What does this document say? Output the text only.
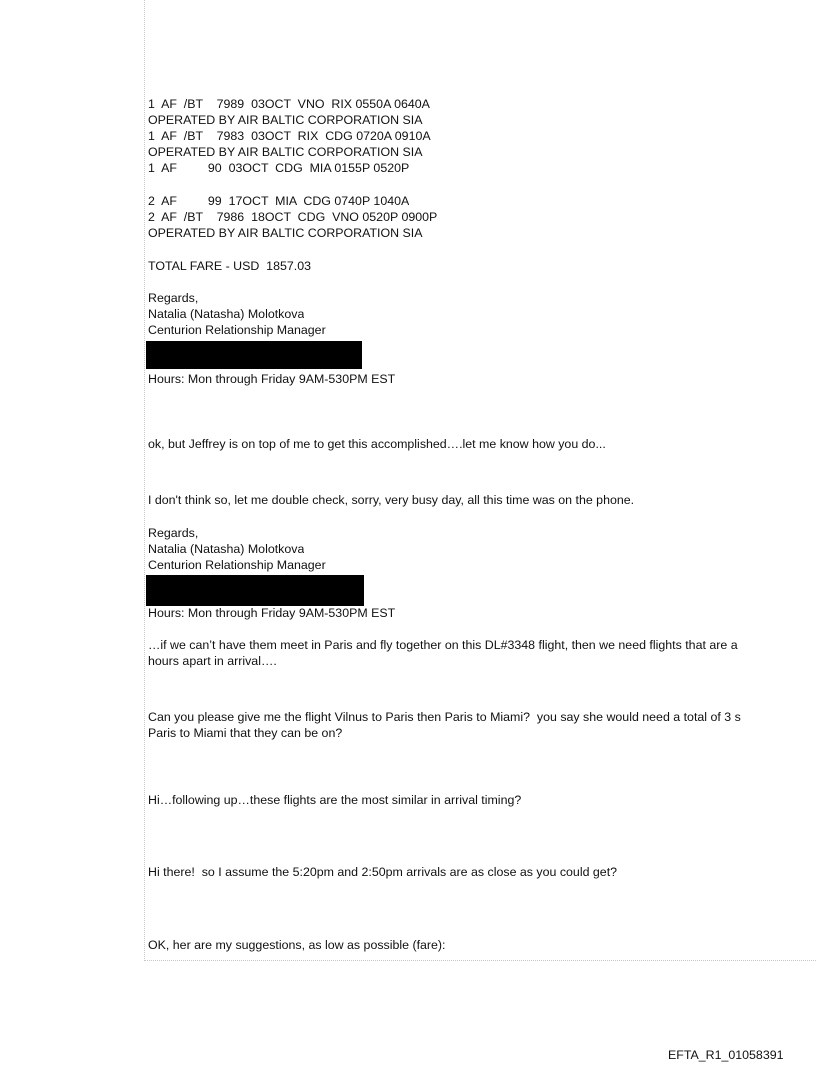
1  AF  /BT    7989  03OCT  VNO  RIX 0550A 0640A
OPERATED BY AIR BALTIC CORPORATION SIA
1  AF  /BT    7983  03OCT  RIX  CDG 0720A 0910A
OPERATED BY AIR BALTIC CORPORATION SIA
1  AF         90  03OCT  CDG  MIA 0155P 0520P
2  AF         99  17OCT  MIA  CDG 0740P 1040A
2  AF  /BT    7986  18OCT  CDG  VNO 0520P 0900P
OPERATED BY AIR BALTIC CORPORATION SIA
TOTAL FARE - USD  1857.03
Regards,
Natalia (Natasha) Molotkova
Centurion Relationship Manager
Hours: Mon through Friday 9AM-530PM EST
ok, but Jeffrey is on top of me to get this accomplished….let me know how you do...
I don't think so, let me double check, sorry, very busy day, all this time was on the phone.
Regards,
Natalia (Natasha) Molotkova
Centurion Relationship Manager
Hours: Mon through Friday 9AM-530PM EST
…if we can’t have them meet in Paris and fly together on this DL#3348 flight, then we need flights that are a
hours apart in arrival….
Can you please give me the flight Vilnus to Paris then Paris to Miami?  you say she would need a total of 3 s
Paris to Miami that they can be on?
Hi…following up…these flights are the most similar in arrival timing?
Hi there!  so I assume the 5:20pm and 2:50pm arrivals are as close as you could get?
OK, her are my suggestions, as low as possible (fare):
EFTA_R1_01058391
